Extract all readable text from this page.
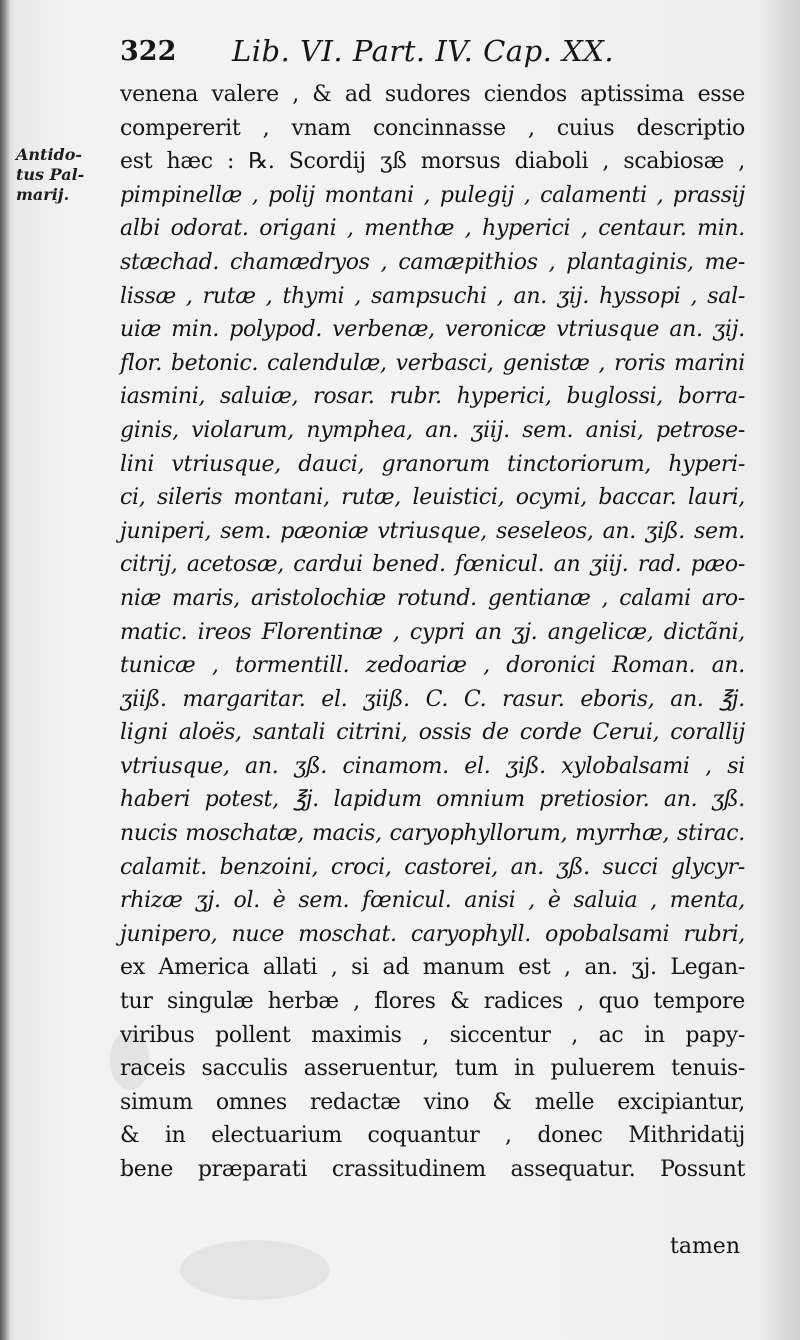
322 Lib. VI. Part. IV. Cap. XX.
Antido-
tus Pal-
marij.
venena valere , & ad sudores ciendos aptissima esse
compererit , vnam concinnasse , cuius descriptio
est hæc : ℞. Scordij ʒß morsus diaboli , scabiosæ ,
pimpinellæ , polij montani , pulegij , calamenti , prassij
albi odorat. origani , menthæ , hyperici , centaur. min.
stæchad. chamædryos , camæpithios , plantaginis, me-
lissæ , rutæ , thymi , sampsuchi , an. ʒij. hyssopi , sal-
uiæ min. polypod. verbenæ, veronicæ vtriusque an. ʒij.
flor. betonic. calendulæ, verbasci, genistæ , roris marini
iasmini, saluiæ, rosar. rubr. hyperici, buglossi, borra-
ginis, violarum, nymphea, an. ʒiij. sem. anisi, petrose-
lini vtriusque, dauci, granorum tinctoriorum, hyperi-
ci, sileris montani, rutæ, leuistici, ocymi, baccar. lauri,
juniperi, sem. pæoniæ vtriusque, seseleos, an. ʒiß. sem.
citrij, acetosæ, cardui bened. fœnicul. an ʒiij. rad. pæo-
niæ maris, aristolochiæ rotund. gentianæ , calami aro-
matic. ireos Florentinæ , cypri an ʒj. angelicæ, dictãni,
tunicæ , tormentill. zedoariæ , doronici Roman. an.
ʒiiß. margaritar. el. ʒiiß. C. C. rasur. eboris, an. ℥j.
ligni aloës, santali citrini, ossis de corde Cerui, corallij
vtriusque, an. ʒß. cinamom. el. ʒiß. xylobalsami , si
haberi potest, ℥j. lapidum omnium pretiosior. an. ʒß.
nucis moschatæ, macis, caryophyllorum, myrrhæ, stirac.
calamit. benzoini, croci, castorei, an. ʒß. succi glycyr-
rhizæ ʒj. ol. è sem. fœnicul. anisi , è saluia , menta,
junipero, nuce moschat. caryophyll. opobalsami rubri,
ex America allati , si ad manum est , an. ʒj. Legan-
tur singulæ herbæ , flores & radices , quo tempore
viribus pollent maximis , siccentur , ac in papy-
raceis sacculis asseruentur, tum in puluerem tenuis-
simum omnes redactæ vino & melle excipiantur,
& in electuarium coquantur , donec Mithridatij
bene præparati crassitudinem assequatur. Possunt
tamen
